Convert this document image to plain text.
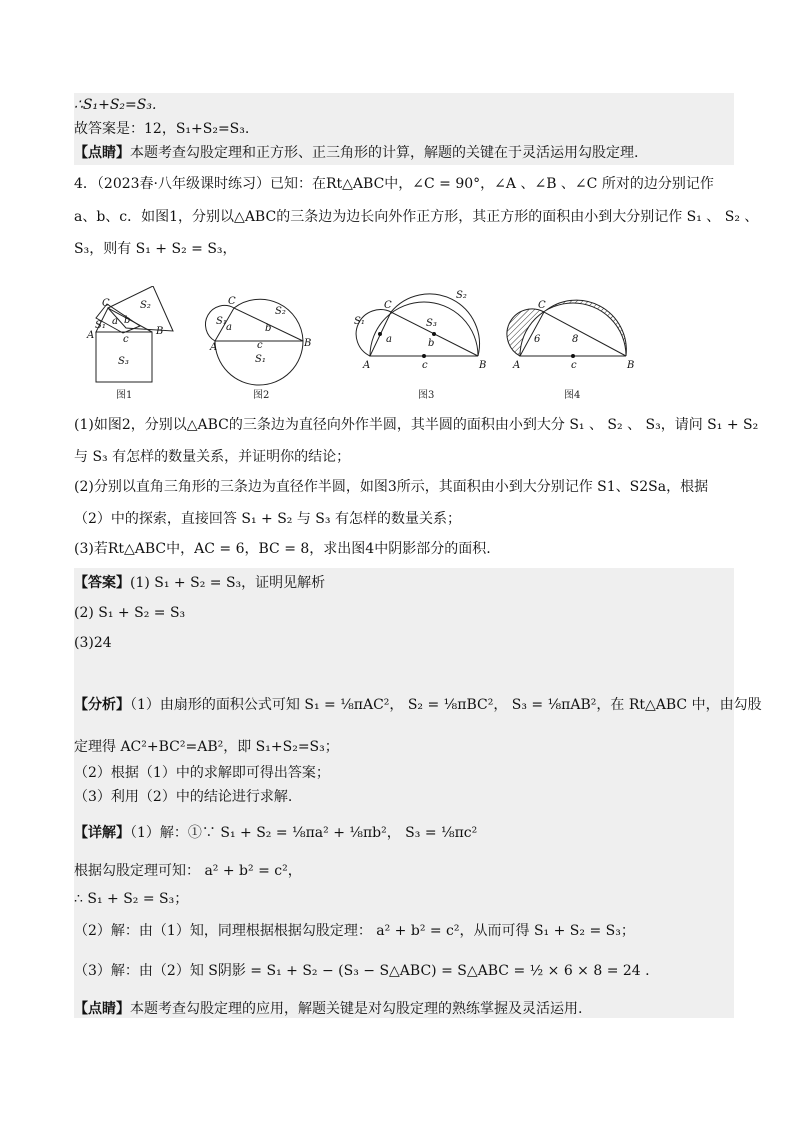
∴S₁+S₂=S₃.
故答案是：12，S₁+S₂=S₃.
【点睛】本题考查勾股定理和正方形、正三角形的计算，解题的关键在于灵活运用勾股定理.
4．（2023春·八年级课时练习）已知：在Rt△ABC中，∠C = 90°，∠A 、∠B 、∠C 所对的边分别记作
a、b、c．如图1，分别以△ABC的三条边为边长向外作正方形，其正方形的面积由小到大分别记作 S₁ 、 S₂ 、
S₃，则有 S₁ + S₂ = S₃，
C
S₁
S₂
S₃
a b
c
A	B
图1
C
A	B
S₁
S₂
S₁
a	b
c
图2
C
A	B
S₁
S₂
S₃
a	b
c
图3
C
A	B
6	8
c
图4
(1)如图2，分别以△ABC的三条边为直径向外作半圆，其半圆的面积由小到大分 S₁ 、 S₂ 、 S₃，请问 S₁ + S₂
与 S₃ 有怎样的数量关系，并证明你的结论；
(2)分别以直角三角形的三条边为直径作半圆，如图3所示，其面积由小到大分别记作 S1、S2Sa，根据
（2）中的探索，直接回答 S₁ + S₂ 与 S₃ 有怎样的数量关系；
(3)若Rt△ABC中，AC = 6，BC = 8，求出图4中阴影部分的面积.
【答案】(1) S₁ + S₂ = S₃，证明见解析
(2) S₁ + S₂ = S₃
(3)24
【分析】（1）由扇形的面积公式可知 S₁ = ⅛πAC²， S₂ = ⅛πBC²， S₃ = ⅛πAB²，在 Rt△ABC 中，由勾股
定理得 AC²+BC²=AB²，即 S₁+S₂=S₃；
（2）根据（1）中的求解即可得出答案；
（3）利用（2）中的结论进行求解.
【详解】（1）解：①∵ S₁ + S₂ = ⅛πa² + ⅛πb²， S₃ = ⅛πc²
根据勾股定理可知： a² + b² = c²，
∴ S₁ + S₂ = S₃；
（2）解：由（1）知，同理根据根据勾股定理： a² + b² = c²，从而可得 S₁ + S₂ = S₃；
（3）解：由（2）知 S阴影 = S₁ + S₂ − (S₃ − S△ABC) = S△ABC = ½ × 6 × 8 = 24 .
【点睛】本题考查勾股定理的应用，解题关键是对勾股定理的熟练掌握及灵活运用.
